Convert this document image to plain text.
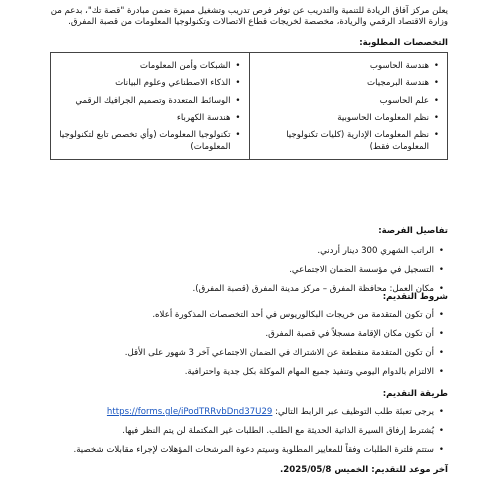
يعلن مركز آفاق الريادة للتنمية والتدريب عن توفر فرص تدريب وتشغيل مميزة ضمن مبادرة "قصة تك"، بدعم من وزارة الاقتصاد الرقمي والريادة، مخصصة لخريجات قطاع الاتصالات وتكنولوجيا المعلومات من قصبة المفرق.

التخصصات المطلوبة:

• هندسة الحاسوب
• هندسة البرمجيات
• علم الحاسوب
• نظم المعلومات الحاسوبية
• نظم المعلومات الإدارية (كليات تكنولوجيا المعلومات فقط)

• الشبكات وأمن المعلومات
• الذكاء الاصطناعي وعلوم البيانات
• الوسائط المتعددة وتصميم الجرافيك الرقمي
• هندسة الكهرباء
• تكنولوجيا المعلومات (وأي تخصص تابع لتكنولوجيا المعلومات)

تفاصيل الفرصة:

• الراتب الشهري 300 دينار أردني.
• التسجيل في مؤسسة الضمان الاجتماعي.
• مكان العمل: محافظة المفرق – مركز مدينة المفرق (قصبة المفرق).

شروط التقديم:

• أن تكون المتقدمة من خريجات البكالوريوس في أحد التخصصات المذكورة أعلاه.
• أن تكون مكان الإقامة مسجلاً في قصبة المفرق.
• أن تكون المتقدمة منقطعة عن الاشتراك في الضمان الاجتماعي آخر 3 شهور على الأقل.
• الالتزام بالدوام اليومي وتنفيذ جميع المهام الموكلة بكل جدية واحترافية.

طريقة التقديم:

• يرجى تعبئة طلب التوظيف عبر الرابط التالي: https://forms.gle/iPodTRRvbDnd37U29
• يُشترط إرفاق السيرة الذاتية الحديثة مع الطلب. الطلبات غير المكتملة لن يتم النظر فيها.
• ستتم فلترة الطلبات وفقاً للمعايير المطلوبة وسيتم دعوة المرشحات المؤهلات لإجراء مقابلات شخصية.

آخر موعد للتقديم: الخميس 2025/05/8.
